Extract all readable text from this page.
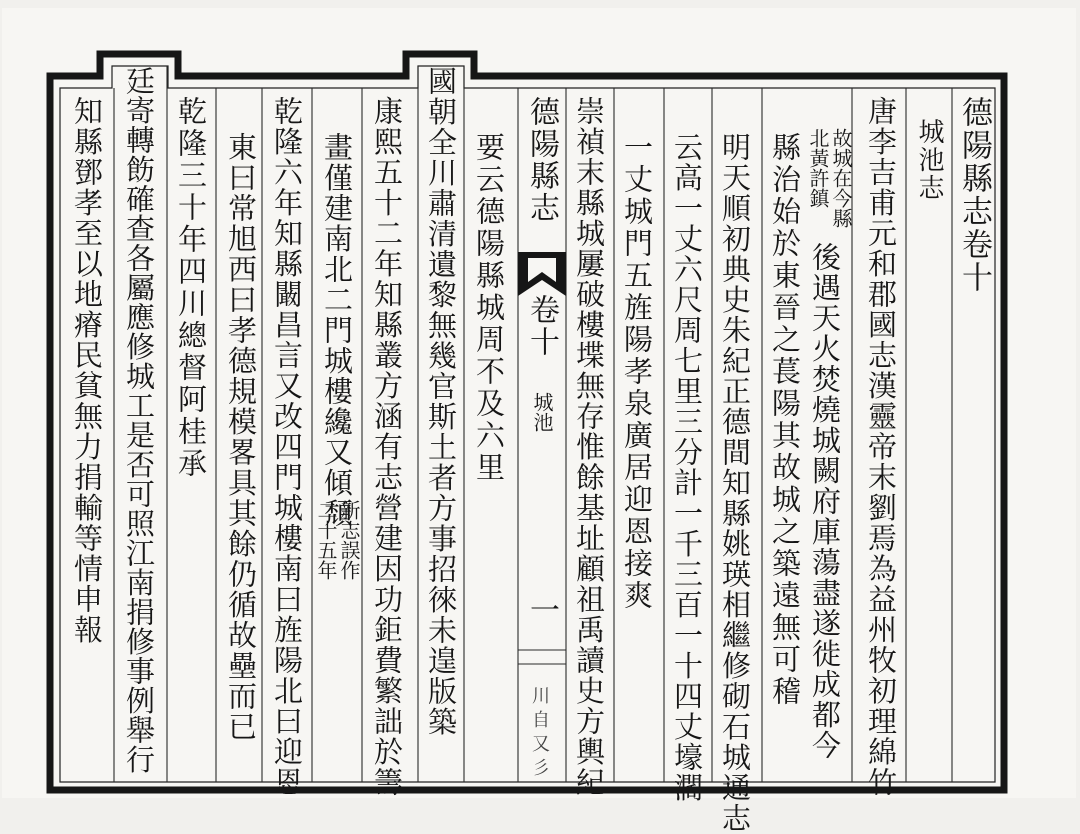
德陽縣志卷十
城池志
唐李吉甫元和郡國志漢靈帝末劉焉為益州牧初理綿竹
故城在今縣
北黃許鎮
後遇天火焚燒城闕府庫蕩盡遂徙成都今
縣治始於東晉之萇陽其故城之築遠無可稽
明天順初典史朱紀正德間知縣姚瑛相繼修砌石城通志
云高一丈六尺周七里三分計一千三百一十四丈壕濶
一丈城門五旌陽孝泉廣居迎恩接爽
崇禎末縣城屢破樓堞無存惟餘基址顧祖禹讀史方輿紀
德陽縣志
卷十
城池
一
川自又彡
要云德陽縣城周不及六里
國朝全川肅清遺黎無幾官斯土者方事招徠未遑版築
康熙五十二年知縣叢方涵有志營建因功鉅費繁詘於籌
畫僅建南北二門城樓纔又傾頹
新志誤作
二十五年
乾隆六年知縣闞昌言又改四門城樓南曰旌陽北曰迎恩
東曰常旭西曰孝德規模畧具其餘仍循故壘而已
乾隆三十年四川總督阿桂承
廷寄轉飭確查各屬應修城工是否可照江南捐修事例舉行
知縣鄧孝至以地瘠民貧無力捐輸等情申報
